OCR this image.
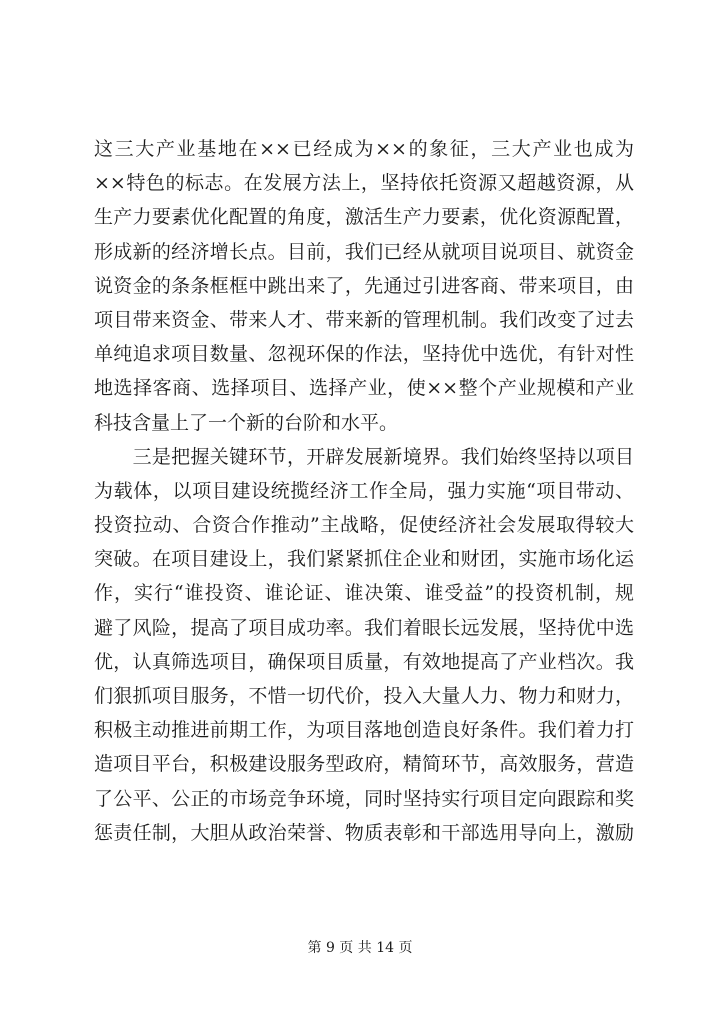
这三大产业基地在××已经成为××的象征，三大产业也成为
××特色的标志。在发展方法上，坚持依托资源又超越资源，从
生产力要素优化配置的角度，激活生产力要素，优化资源配置，
形成新的经济增长点。目前，我们已经从就项目说项目、就资金
说资金的条条框框中跳出来了，先通过引进客商、带来项目，由
项目带来资金、带来人才、带来新的管理机制。我们改变了过去
单纯追求项目数量、忽视环保的作法，坚持优中选优，有针对性
地选择客商、选择项目、选择产业，使××整个产业规模和产业
科技含量上了一个新的台阶和水平。
　　三是把握关键环节，开辟发展新境界。我们始终坚持以项目
为载体，以项目建设统揽经济工作全局，强力实施“项目带动、
投资拉动、合资合作推动”主战略，促使经济社会发展取得较大
突破。在项目建设上，我们紧紧抓住企业和财团，实施市场化运
作，实行“谁投资、谁论证、谁决策、谁受益”的投资机制，规
避了风险，提高了项目成功率。我们着眼长远发展，坚持优中选
优，认真筛选项目，确保项目质量，有效地提高了产业档次。我
们狠抓项目服务，不惜一切代价，投入大量人力、物力和财力，
积极主动推进前期工作，为项目落地创造良好条件。我们着力打
造项目平台，积极建设服务型政府，精简环节，高效服务，营造
了公平、公正的市场竞争环境，同时坚持实行项目定向跟踪和奖
惩责任制，大胆从政治荣誉、物质表彰和干部选用导向上，激励
第 9 页 共 14 页
